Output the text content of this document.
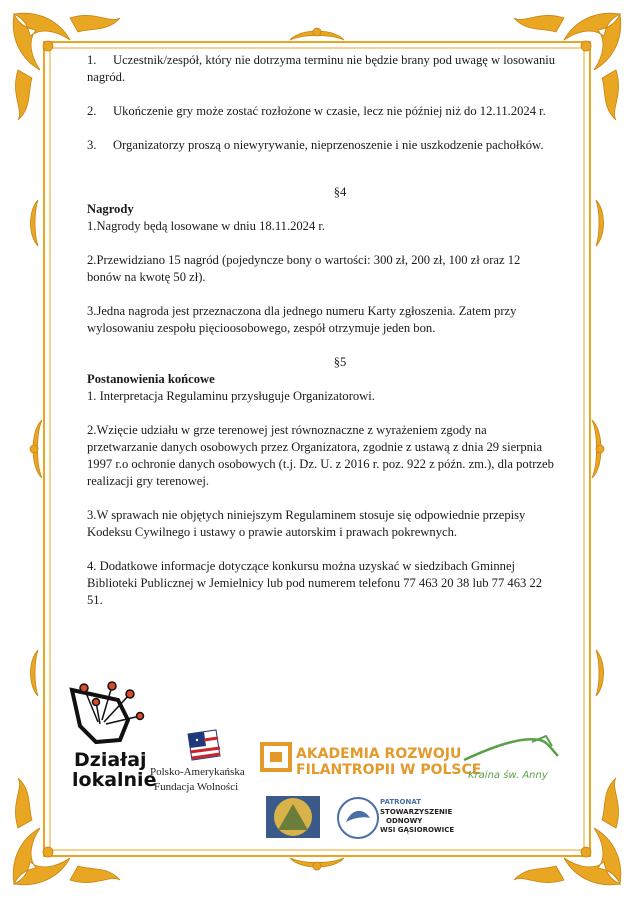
1. Uczestnik/zespół, który nie dotrzyma terminu nie będzie brany pod uwagę w losowaniu nagród.

2. Ukończenie gry może zostać rozłożone w czasie, lecz nie później niż do 12.11.2024 r.

3. Organizatorzy proszą o niewyrywanie, nieprzenoszenie i nie uszkodzenie pachołków.

§4

Nagrody

1.Nagrody będą losowane w dniu 18.11.2024 r.

2.Przewidziano 15 nagród (pojedyncze bony o wartości: 300 zł, 200 zł, 100 zł oraz 12 bonów na kwotę 50 zł).

3.Jedna nagroda jest przeznaczona dla jednego numeru Karty zgłoszenia. Zatem przy wylosowaniu zespołu pięcioosobowego, zespół otrzymuje jeden bon.

§5

Postanowienia końcowe

1. Interpretacja Regulaminu przysługuje Organizatorowi.

2.Wzięcie udziału w grze terenowej jest równoznaczne z wyrażeniem zgody na przetwarzanie danych osobowych przez Organizatora, zgodnie z ustawą z dnia 29 sierpnia 1997 r.o ochronie danych osobowych (t.j. Dz. U. z 2016 r. poz. 922 z późn. zm.), dla potrzeb realizacji gry terenowej.

3.W sprawach nie objętych niniejszym Regulaminem stosuje się odpowiednie przepisy Kodeksu Cywilnego i ustawy o prawie autorskim i prawach pokrewnych.

4. Dodatkowe informacje dotyczące konkursu można uzyskać w siedzibach Gminnej Biblioteki Publicznej w Jemielnicy lub pod numerem telefonu 77 463 20 38 lub 77 463 22 51.

Działaj
lokalnie
Polsko-Amerykańska
Fundacja Wolności
AKADEMIA ROZWOJU
FILANTROPII W POLSCE
Kraina św. Anny
PATRONAT
STOWARZYSZENIE
ODNOWY
WSI GĄSIOROWICE
